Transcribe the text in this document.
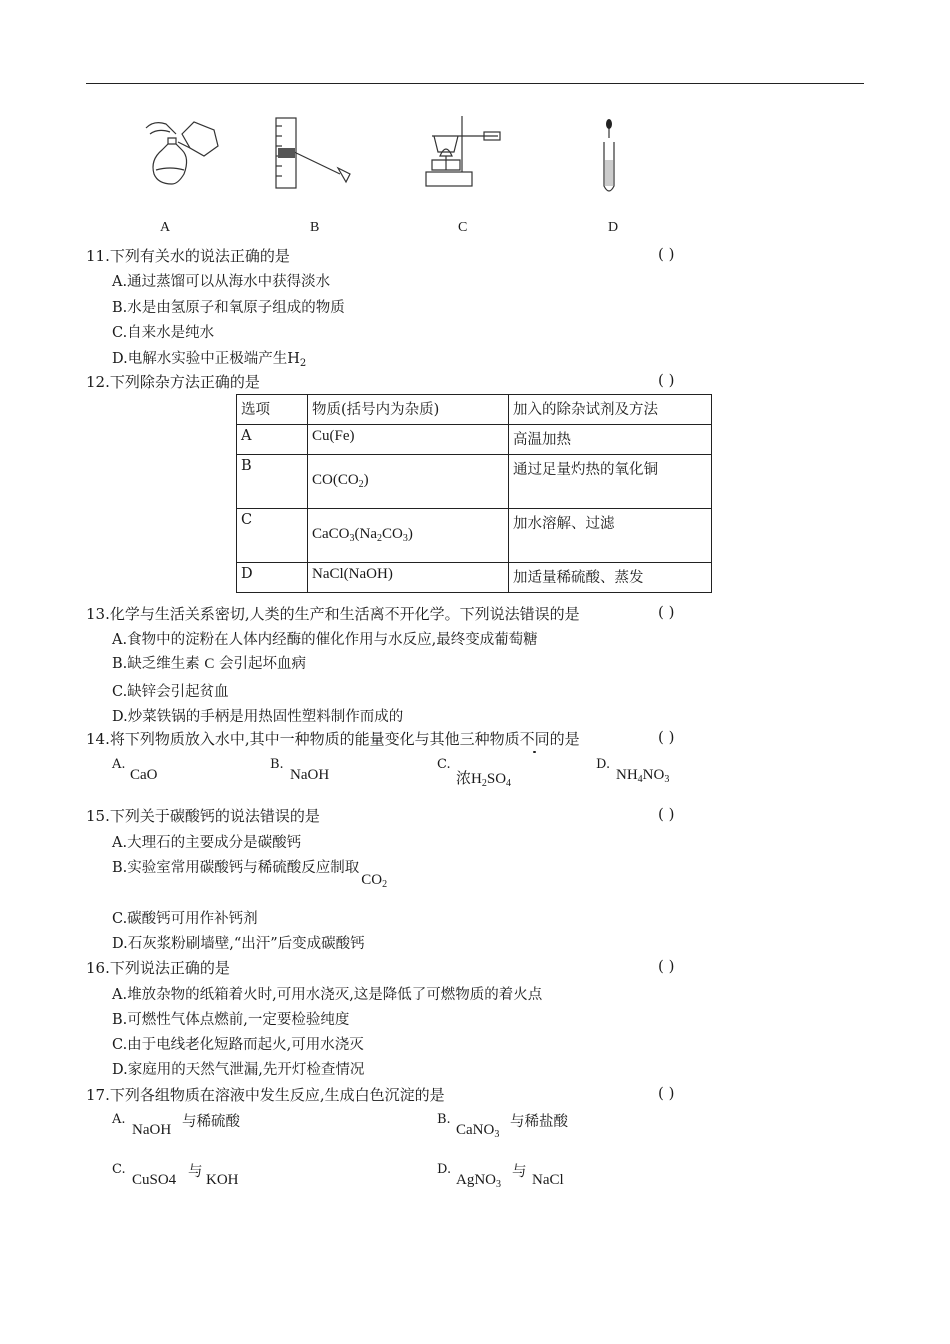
A	B	C	D
11.下列有关水的说法正确的是	( )
A.通过蒸馏可以从海水中获得淡水
B.水是由氢原子和氧原子组成的物质
C.自来水是纯水
D.电解水实验中正极端产生$H_2$
12.下列除杂方法正确的是	( )
选项	物质(括号内为杂质)	加入的除杂试剂及方法
A	Cu(Fe)	高温加热
B	$CO(CO_2)$	通过足量灼热的氧化铜
C	$CaCO_3(Na_2CO_3)$	加水溶解、过滤
D	NaCl(NaOH)	加适量稀硫酸、蒸发
13.化学与生活关系密切,人类的生产和生活离不开化学。下列说法错误的是	( )
A.食物中的淀粉在人体内经酶的催化作用与水反应,最终变成葡萄糖
B.缺乏维生素 C 会引起坏血病
C.缺锌会引起贫血
D.炒菜铁锅的手柄是用热固性塑料制作而成的
14.将下列物质放入水中,其中一种物质的能量变化与其他三种物质不同的是	( )
A.
CaO
B.
NaOH
C.
浓$H_2SO_4$
D.
$NH_4NO_3$
15.下列关于碳酸钙的说法错误的是	( )
A.大理石的主要成分是碳酸钙
B.实验室常用碳酸钙与稀硫酸反应制取$CO_2$
C.碳酸钙可用作补钙剂
D.石灰浆粉刷墙壁,“出汗”后变成碳酸钙
16.下列说法正确的是	( )
A.堆放杂物的纸箱着火时,可用水浇灭,这是降低了可燃物质的着火点
B.可燃性气体点燃前,一定要检验纯度
C.由于电线老化短路而起火,可用水浇灭
D.家庭用的天然气泄漏,先开灯检查情况
17.下列各组物质在溶液中发生反应,生成白色沉淀的是	( )
A.
NaOH 与稀硫酸	B.
CaNO$_3$
与稀盐酸
C.
CuSO4 与 KOH
D.
AgNO$_3$
与 NaCl
